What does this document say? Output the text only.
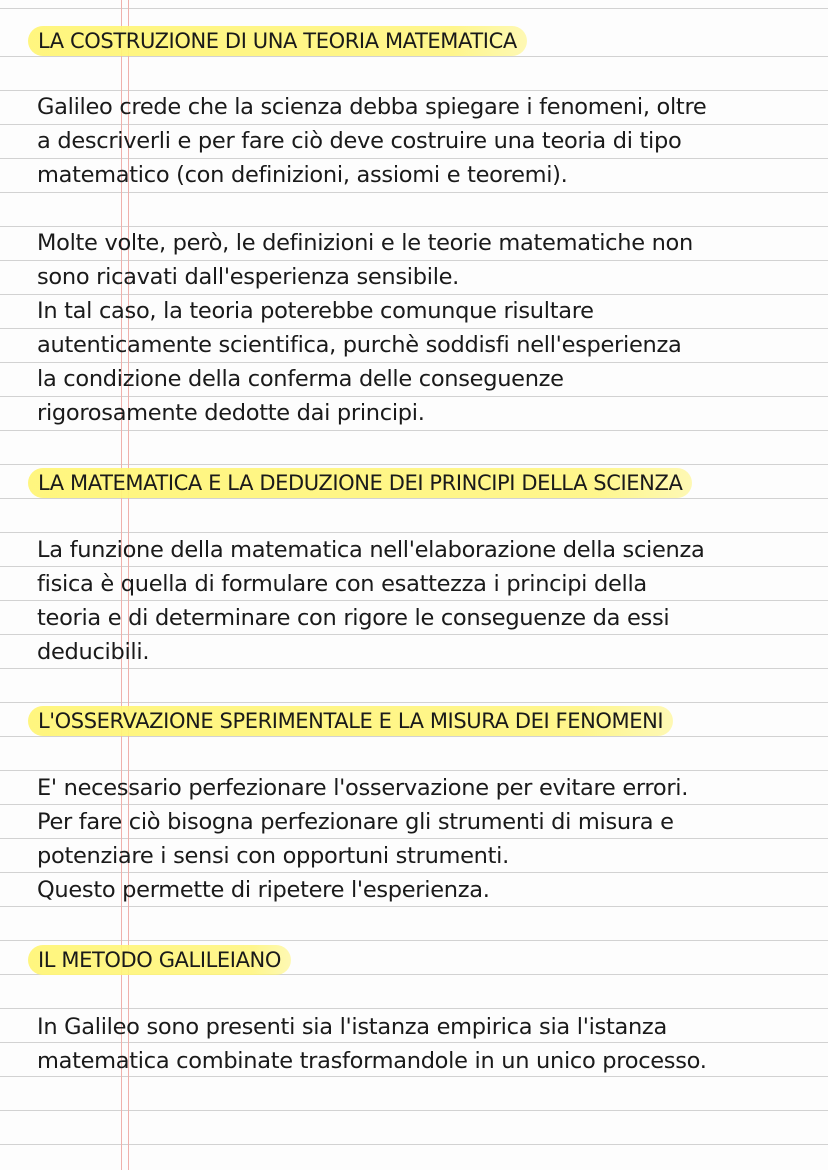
LA COSTRUZIONE DI UNA TEORIA MATEMATICA
Galileo crede che la scienza debba spiegare i fenomeni, oltre
a descriverli e per fare ciò deve costruire una teoria di tipo
matematico (con definizioni, assiomi e teoremi).
Molte volte, però, le definizioni e le teorie matematiche non
sono ricavati dall'esperienza sensibile.
In tal caso, la teoria poterebbe comunque risultare
autenticamente scientifica, purchè soddisfi nell'esperienza
la condizione della conferma delle conseguenze
rigorosamente dedotte dai principi.
LA MATEMATICA E LA DEDUZIONE DEI PRINCIPI DELLA SCIENZA
La funzione della matematica nell'elaborazione della scienza
fisica è quella di formulare con esattezza i principi della
teoria e di determinare con rigore le conseguenze da essi
deducibili.
L'OSSERVAZIONE SPERIMENTALE E LA MISURA DEI FENOMENI
E' necessario perfezionare l'osservazione per evitare errori.
Per fare ciò bisogna perfezionare gli strumenti di misura e
potenziare i sensi con opportuni strumenti.
Questo permette di ripetere l'esperienza.
IL METODO GALILEIANO
In Galileo sono presenti sia l'istanza empirica sia l'istanza
matematica combinate trasformandole in un unico processo.
